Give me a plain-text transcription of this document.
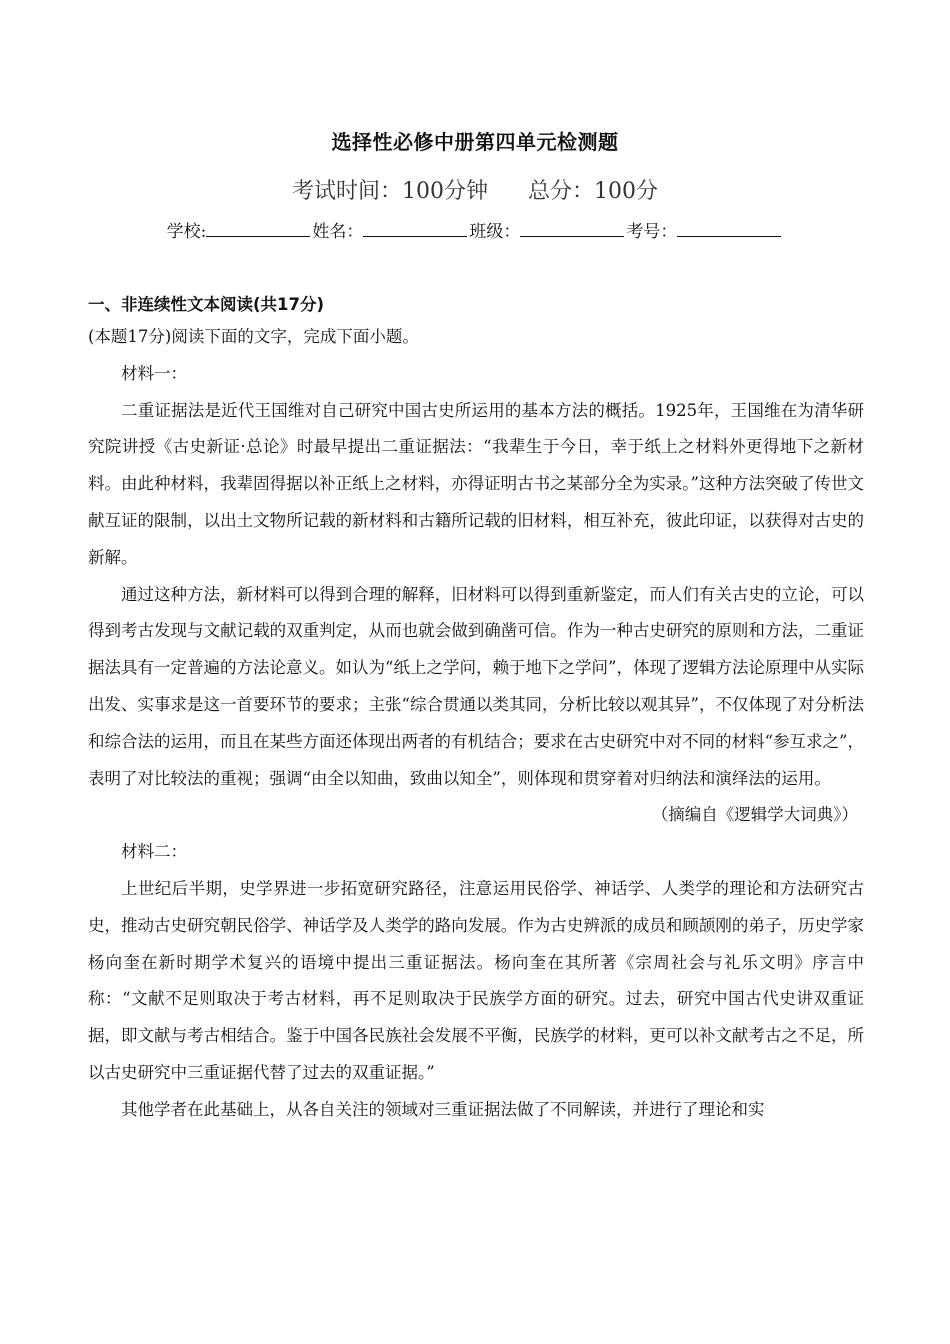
选择性必修中册第四单元检测题
考试时间：100分钟 总分：100分
学校:	姓名：	班级：	考号：
一、非连续性文本阅读(共17分)

(本题17分)阅读下面的文字，完成下面小题。

材料一：

二重证据法是近代王国维对自己研究中国古史所运用的基本方法的概括。1925年，王国维在为清华研究院讲授《古史新证·总论》时最早提出二重证据法：“我辈生于今日，幸于纸上之材料外更得地下之新材料。由此种材料，我辈固得据以补正纸上之材料，亦得证明古书之某部分全为实录。”这种方法突破了传世文献互证的限制，以出土文物所记载的新材料和古籍所记载的旧材料，相互补充，彼此印证，以获得对古史的新解。

通过这种方法，新材料可以得到合理的解释，旧材料可以得到重新鉴定，而人们有关古史的立论，可以得到考古发现与文献记载的双重判定，从而也就会做到确凿可信。作为一种古史研究的原则和方法，二重证据法具有一定普遍的方法论意义。如认为“纸上之学问，赖于地下之学问”，体现了逻辑方法论原理中从实际出发、实事求是这一首要环节的要求；主张“综合贯通以类其同，分析比较以观其异”，不仅体现了对分析法和综合法的运用，而且在某些方面还体现出两者的有机结合；要求在古史研究中对不同的材料“参互求之”，表明了对比较法的重视；强调“由全以知曲，致曲以知全”，则体现和贯穿着对归纳法和演绎法的运用。

（摘编自《逻辑学大词典》）

材料二：

上世纪后半期，史学界进一步拓宽研究路径，注意运用民俗学、神话学、人类学的理论和方法研究古史，推动古史研究朝民俗学、神话学及人类学的路向发展。作为古史辨派的成员和顾颉刚的弟子，历史学家杨向奎在新时期学术复兴的语境中提出三重证据法。杨向奎在其所著《宗周社会与礼乐文明》序言中称：“文献不足则取决于考古材料，再不足则取决于民族学方面的研究。过去，研究中国古代史讲双重证据，即文献与考古相结合。鉴于中国各民族社会发展不平衡，民族学的材料，更可以补文献考古之不足，所以古史研究中三重证据代替了过去的双重证据。”

其他学者在此基础上，从各自关注的领域对三重证据法做了不同解读，并进行了理论和实
